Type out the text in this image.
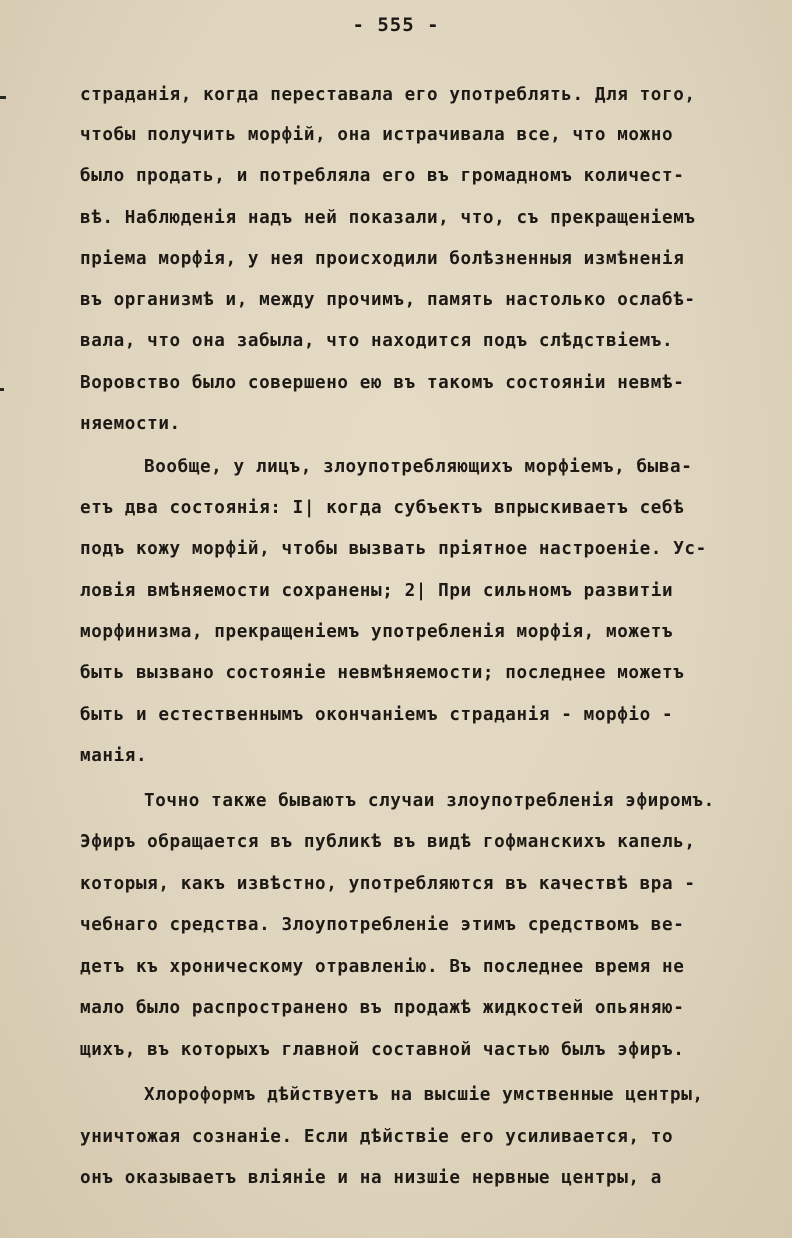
- 555 -
страданія, когда переставала его употреблять. Для того,
чтобы получить морфій, она истрачивала все, что можно
было продать, и потребляла его въ громадномъ количест-
вѣ. Наблюденія надъ ней показали, что, съ прекращеніемъ
пріема морфія, у нея происходили болѣзненныя измѣненія
въ организмѣ и, между прочимъ, память настолько ослабѣ-
вала, что она забыла, что находится подъ слѣдствіемъ.
Воровство было совершено ею въ такомъ состояніи невмѣ-
няемости.
Вообще, у лицъ, злоупотребляющихъ морфіемъ, быва-
етъ два состоянія: I| когда субъектъ впрыскиваетъ себѣ
подъ кожу морфій, чтобы вызвать пріятное настроеніе. Ус-
ловія вмѣняемости сохранены; 2| При сильномъ развитіи
морфинизма, прекращеніемъ употребленія морфія, можетъ
быть вызвано состояніе невмѣняемости; последнее можетъ
быть и естественнымъ окончаніемъ страданія - морфіо -
манія.
Точно также бываютъ случаи злоупотребленія эфиромъ.
Эфиръ обращается въ публикѣ въ видѣ гофманскихъ капель,
которыя, какъ извѣстно, употребляются въ качествѣ вра -
чебнаго средства. Злоупотребленіе этимъ средствомъ ве-
детъ къ хроническому отравленію. Въ последнее время не
мало было распространено въ продажѣ жидкостей опьяняю-
щихъ, въ которыхъ главной составной частью былъ эфиръ.
Хлороформъ дѣйствуетъ на высшіе умственные центры,
уничтожая сознаніе. Если дѣйствіе его усиливается, то
онъ оказываетъ вліяніе и на низшіе нервные центры, а
